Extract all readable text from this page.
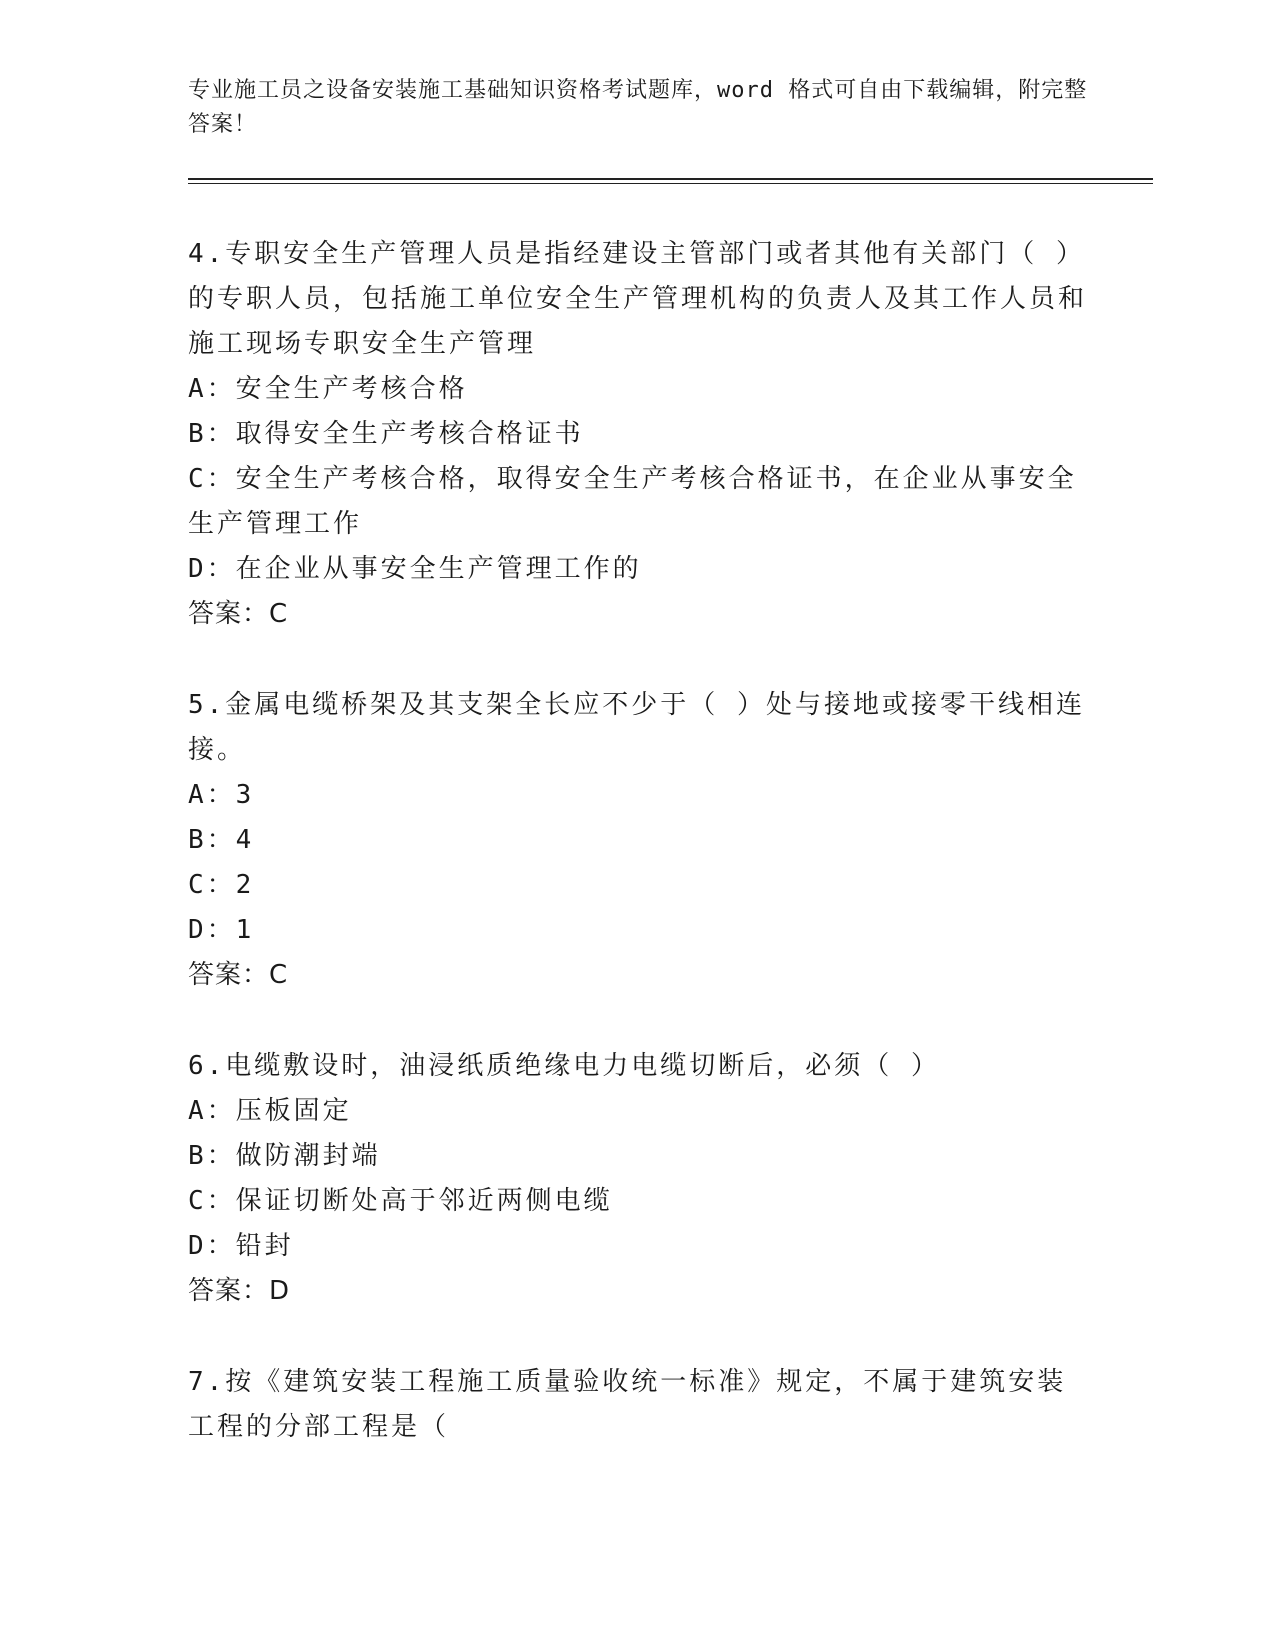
专业施工员之设备安装施工基础知识资格考试题库，word 格式可自由下载编辑，附完整答案！
4.专职安全生产管理人员是指经建设主管部门或者其他有关部门（ ）的专职人员，包括施工单位安全生产管理机构的负责人及其工作人员和施工现场专职安全生产管理
A：安全生产考核合格
B：取得安全生产考核合格证书
C：安全生产考核合格，取得安全生产考核合格证书，在企业从事安全生产管理工作
D：在企业从事安全生产管理工作的
答案：C
5.金属电缆桥架及其支架全长应不少于（ ）处与接地或接零干线相连接。
A：3
B：4
C：2
D：1
答案：C
6.电缆敷设时，油浸纸质绝缘电力电缆切断后，必须（ ）
A：压板固定
B：做防潮封端
C：保证切断处高于邻近两侧电缆
D：铅封
答案：D
7.按《建筑安装工程施工质量验收统一标准》规定，不属于建筑安装工程的分部工程是（
